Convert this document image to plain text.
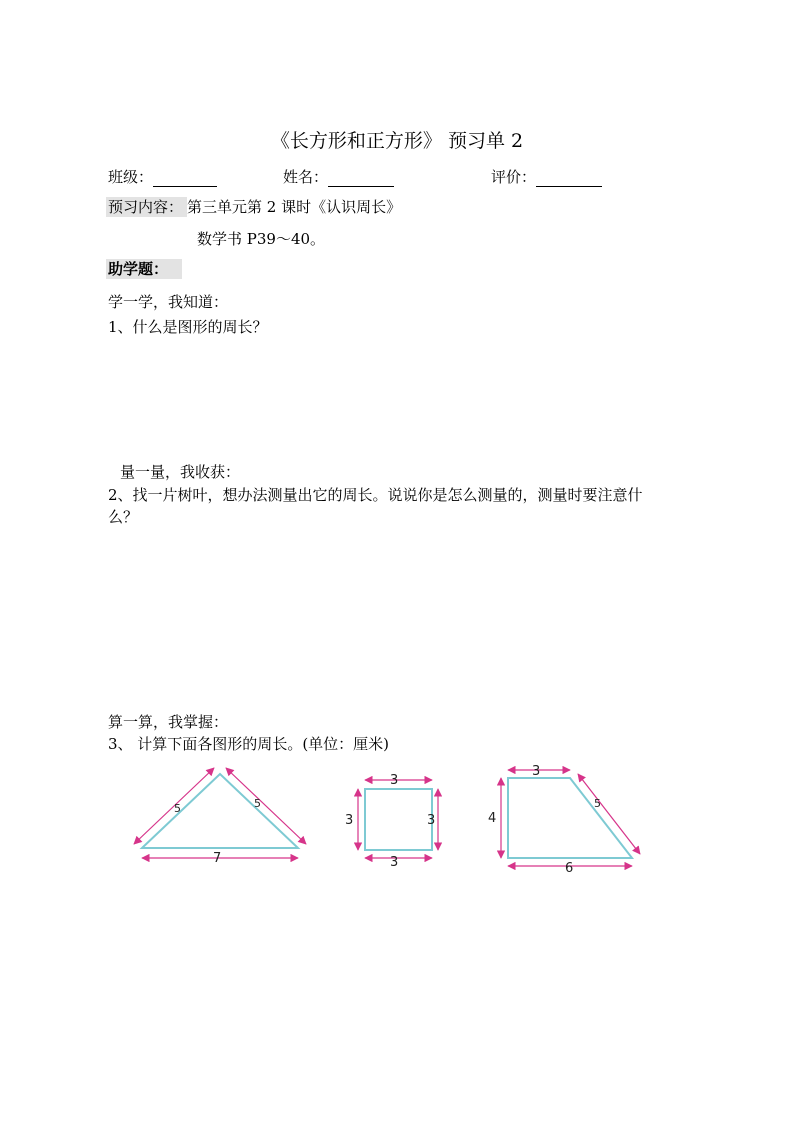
《长方形和正方形》 预习单 2
班级：	姓名：	评价：
预习内容： 第三单元第 2 课时《认识周长》
数学书 P39～40。
助学题：
学一学，我知道：
1、什么是图形的周长？
量一量，我收获：
2、找一片树叶，想办法测量出它的周长。说说你是怎么测量的，测量时要注意什
么？
算一算，我掌握：
3、 计算下面各图形的周长。(单位：厘米)
5	5
7
3
3
3	3
3
4
5
6
